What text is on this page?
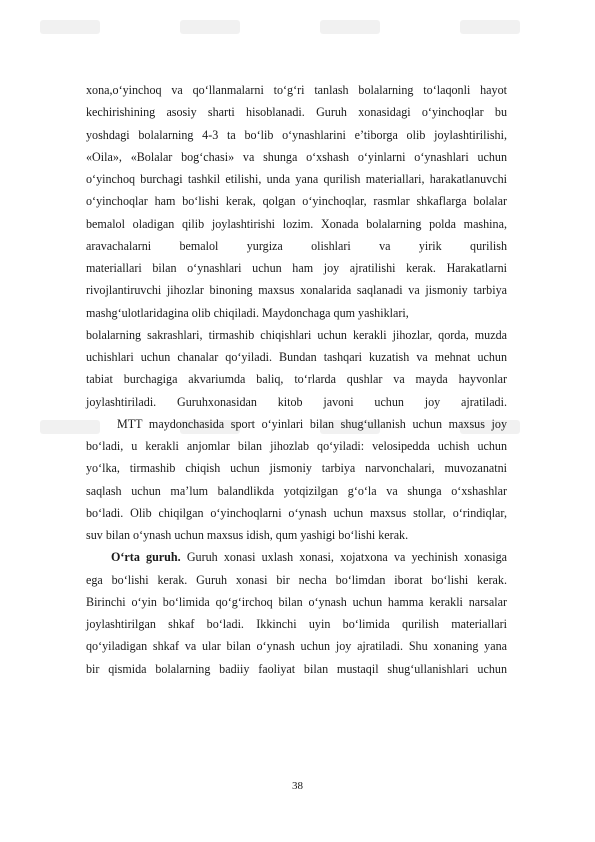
xona,o‘yinchoq va qo‘llanmalarni to‘g‘ri tanlash bolalarning to‘laqonli hayot
kechirishining asosiy sharti hisoblanadi. Guruh xonasidagi o‘yinchoqlar bu
yoshdagi bolalarning 4-3 ta bo‘lib o‘ynashlarini e’tiborga olib joylashtirilishi,
«Oila», «Bolalar bog‘chasi» va shunga o‘xshash o‘yinlarni o‘ynashlari uchun
o‘yinchoq burchagi tashkil etilishi, unda yana qurilish materiallari, harakatlanuvchi
o‘yinchoqlar ham bo‘lishi kerak, qolgan o‘yinchoqlar, rasmlar shkaflarga bolalar
bemalol oladigan qilib joylashtirishi lozim. Xonada bolalarning polda mashina,
aravachalarni bemalol yurgiza olishlari va yirik qurilish
materiallari bilan o‘ynashlari uchun ham joy ajratilishi kerak. Harakatlarni
rivojlantiruvchi jihozlar binoning maxsus xonalarida saqlanadi va jismoniy tarbiya
mashg‘ulotlaridagina olib chiqiladi. Maydonchaga qum yashiklari,
bolalarning sakrashlari, tirmashib chiqishlari uchun kerakli jihozlar, qorda, muzda
uchishlari uchun chanalar qo‘yiladi. Bundan tashqari kuzatish va mehnat uchun
tabiat burchagiga akvariumda baliq, to‘rlarda qushlar va mayda hayvonlar
joylashtiriladi. Guruhxonasidan kitob javoni uchun joy ajratiladi.
MTT maydonchasida sport o‘yinlari bilan shug‘ullanish uchun maxsus joy
bo‘ladi, u kerakli anjomlar bilan jihozlab qo‘yiladi: velosipedda uchish uchun
yo‘lka, tirmashib chiqish uchun jismoniy tarbiya narvonchalari, muvozanatni
saqlash uchun ma’lum balandlikda yotqizilgan g‘o‘la va shunga o‘xshashlar
bo‘ladi. Olib chiqilgan o‘yinchoqlarni o‘ynash uchun maxsus stollar, o‘rindiqlar,
suv bilan o‘ynash uchun maxsus idish, qum yashigi bo‘lishi kerak.
O‘rta guruh. Guruh xonasi uxlash xonasi, xojatxona va yechinish xonasiga
ega bo‘lishi kerak. Guruh xonasi bir necha bo‘limdan iborat bo‘lishi kerak.
Birinchi o‘yin bo‘limida qo‘g‘irchoq bilan o‘ynash uchun hamma kerakli narsalar
joylashtirilgan shkaf bo‘ladi. Ikkinchi uyin bo‘limida qurilish materiallari
qo‘yiladigan shkaf va ular bilan o‘ynash uchun joy ajratiladi. Shu xonaning yana
bir qismida bolalarning badiiy faoliyat bilan mustaqil shug‘ullanishlari uchun
38
